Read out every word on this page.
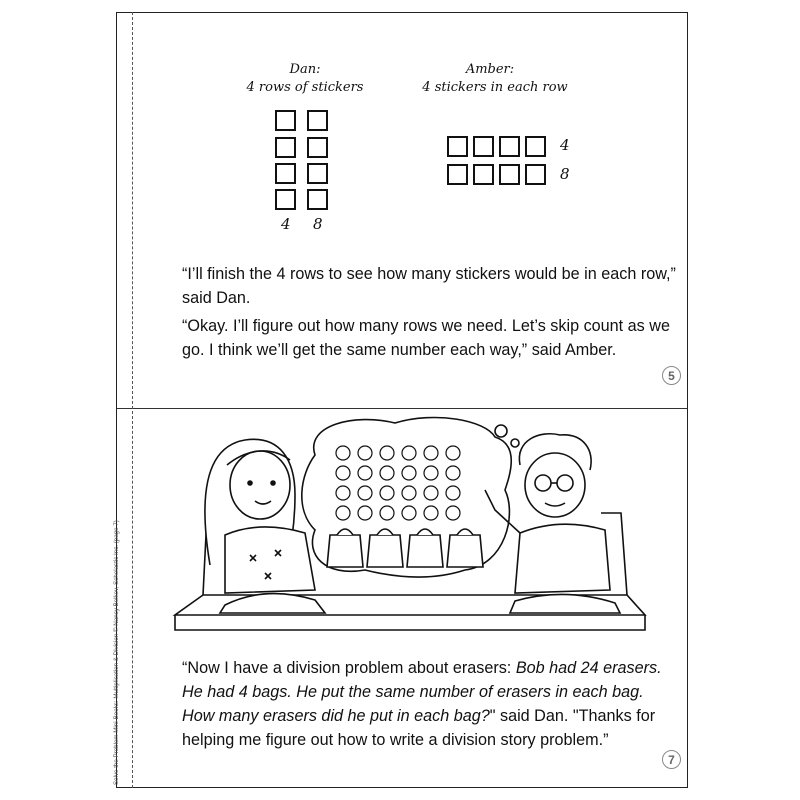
Solve the Problem Mini-Books: Multiplication & Division © Nancy Belkov, Scholastic Inc. (page 7)
Dan:
4 rows of stickers
Amber:
4 stickers in each row
4 8
4
8
“I’ll finish the 4 rows to see how many stickers would be in each row,” said Dan.
“Okay. I’ll figure out how many rows we need. Let’s skip count as we go. I think we’ll get the same number each way,” said Amber.
5
“Now I have a division problem about erasers: Bob had 24 erasers. He had 4 bags. He put the same number of erasers in each bag. How many erasers did he put in each bag?" said Dan. "Thanks for helping me figure out how to write a division story problem.”
7
